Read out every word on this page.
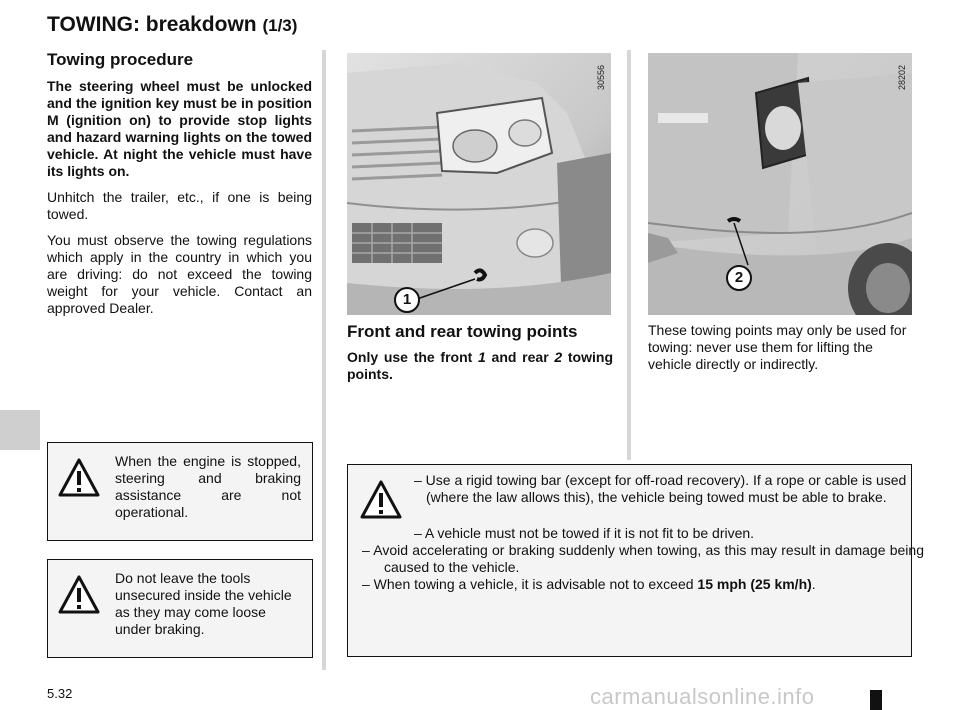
TOWING: breakdown (1/3)
Towing procedure
The steering wheel must be unlocked and the ignition key must be in position M (ignition on) to provide stop lights and hazard warning lights on the towed vehicle. At night the vehicle must have its lights on.
Unhitch the trailer, etc., if one is being towed.
You must observe the towing regulations which apply in the country in which you are driving: do not exceed the towing weight for your vehicle. Contact an approved Dealer.	1
30556
2
28202
Front and rear towing points
Only use the front 1 and rear 2 towing points.
These towing points may only be used for towing: never use them for lifting the vehicle directly or indirectly.
When the engine is stopped, steering and braking assistance are not operational.
Do not leave the tools unsecured inside the vehicle as they may come loose under braking.
– Use a rigid towing bar (except for off-road recovery). If a rope or cable is used (where the law allows this), the vehicle being towed must be able to brake.
– A vehicle must not be towed if it is not fit to be driven.
– Avoid accelerating or braking suddenly when towing, as this may result in damage being caused to the vehicle.
– When towing a vehicle, it is advisable not to exceed 15 mph (25 km/h).
5.32	carmanualsonline.info
